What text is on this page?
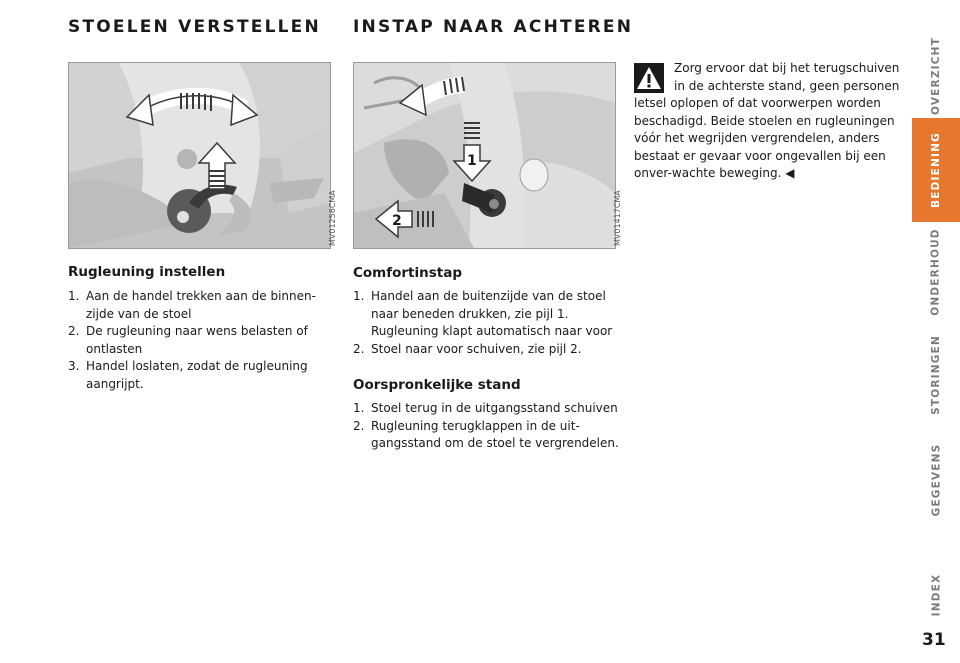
STOELEN VERSTELLEN
MV01256CMA
Rugleuning instellen
1. Aan de handel trekken aan de binnen-zijde van de stoel
2. De rugleuning naar wens belasten of ontlasten
3. Handel loslaten, zodat de rugleuning aangrijpt.
INSTAP NAAR ACHTEREN
1
2	MV01417CMA
Comfortinstap
1. Handel aan de buitenzijde van de stoel naar beneden drukken, zie pijl 1. Rugleuning klapt automatisch naar voor
2. Stoel naar voor schuiven, zie pijl 2.
Oorspronkelijke stand
1. Stoel terug in de uitgangsstand schuiven
2. Rugleuning terugklappen in de uit-gangsstand om de stoel te vergrendelen.

Zorg ervoor dat bij het terugschuiven in de achterste stand, geen personen letsel oplopen of dat voorwerpen worden beschadigd. Beide stoelen en rugleuningen vóór het wegrijden vergrendelen, anders bestaat er gevaar voor ongevallen bij een onver-wachte beweging. ◀

OVERZICHT
BEDIENING
ONDERHOUD
STORINGEN
GEGEVENS
INDEX
31
